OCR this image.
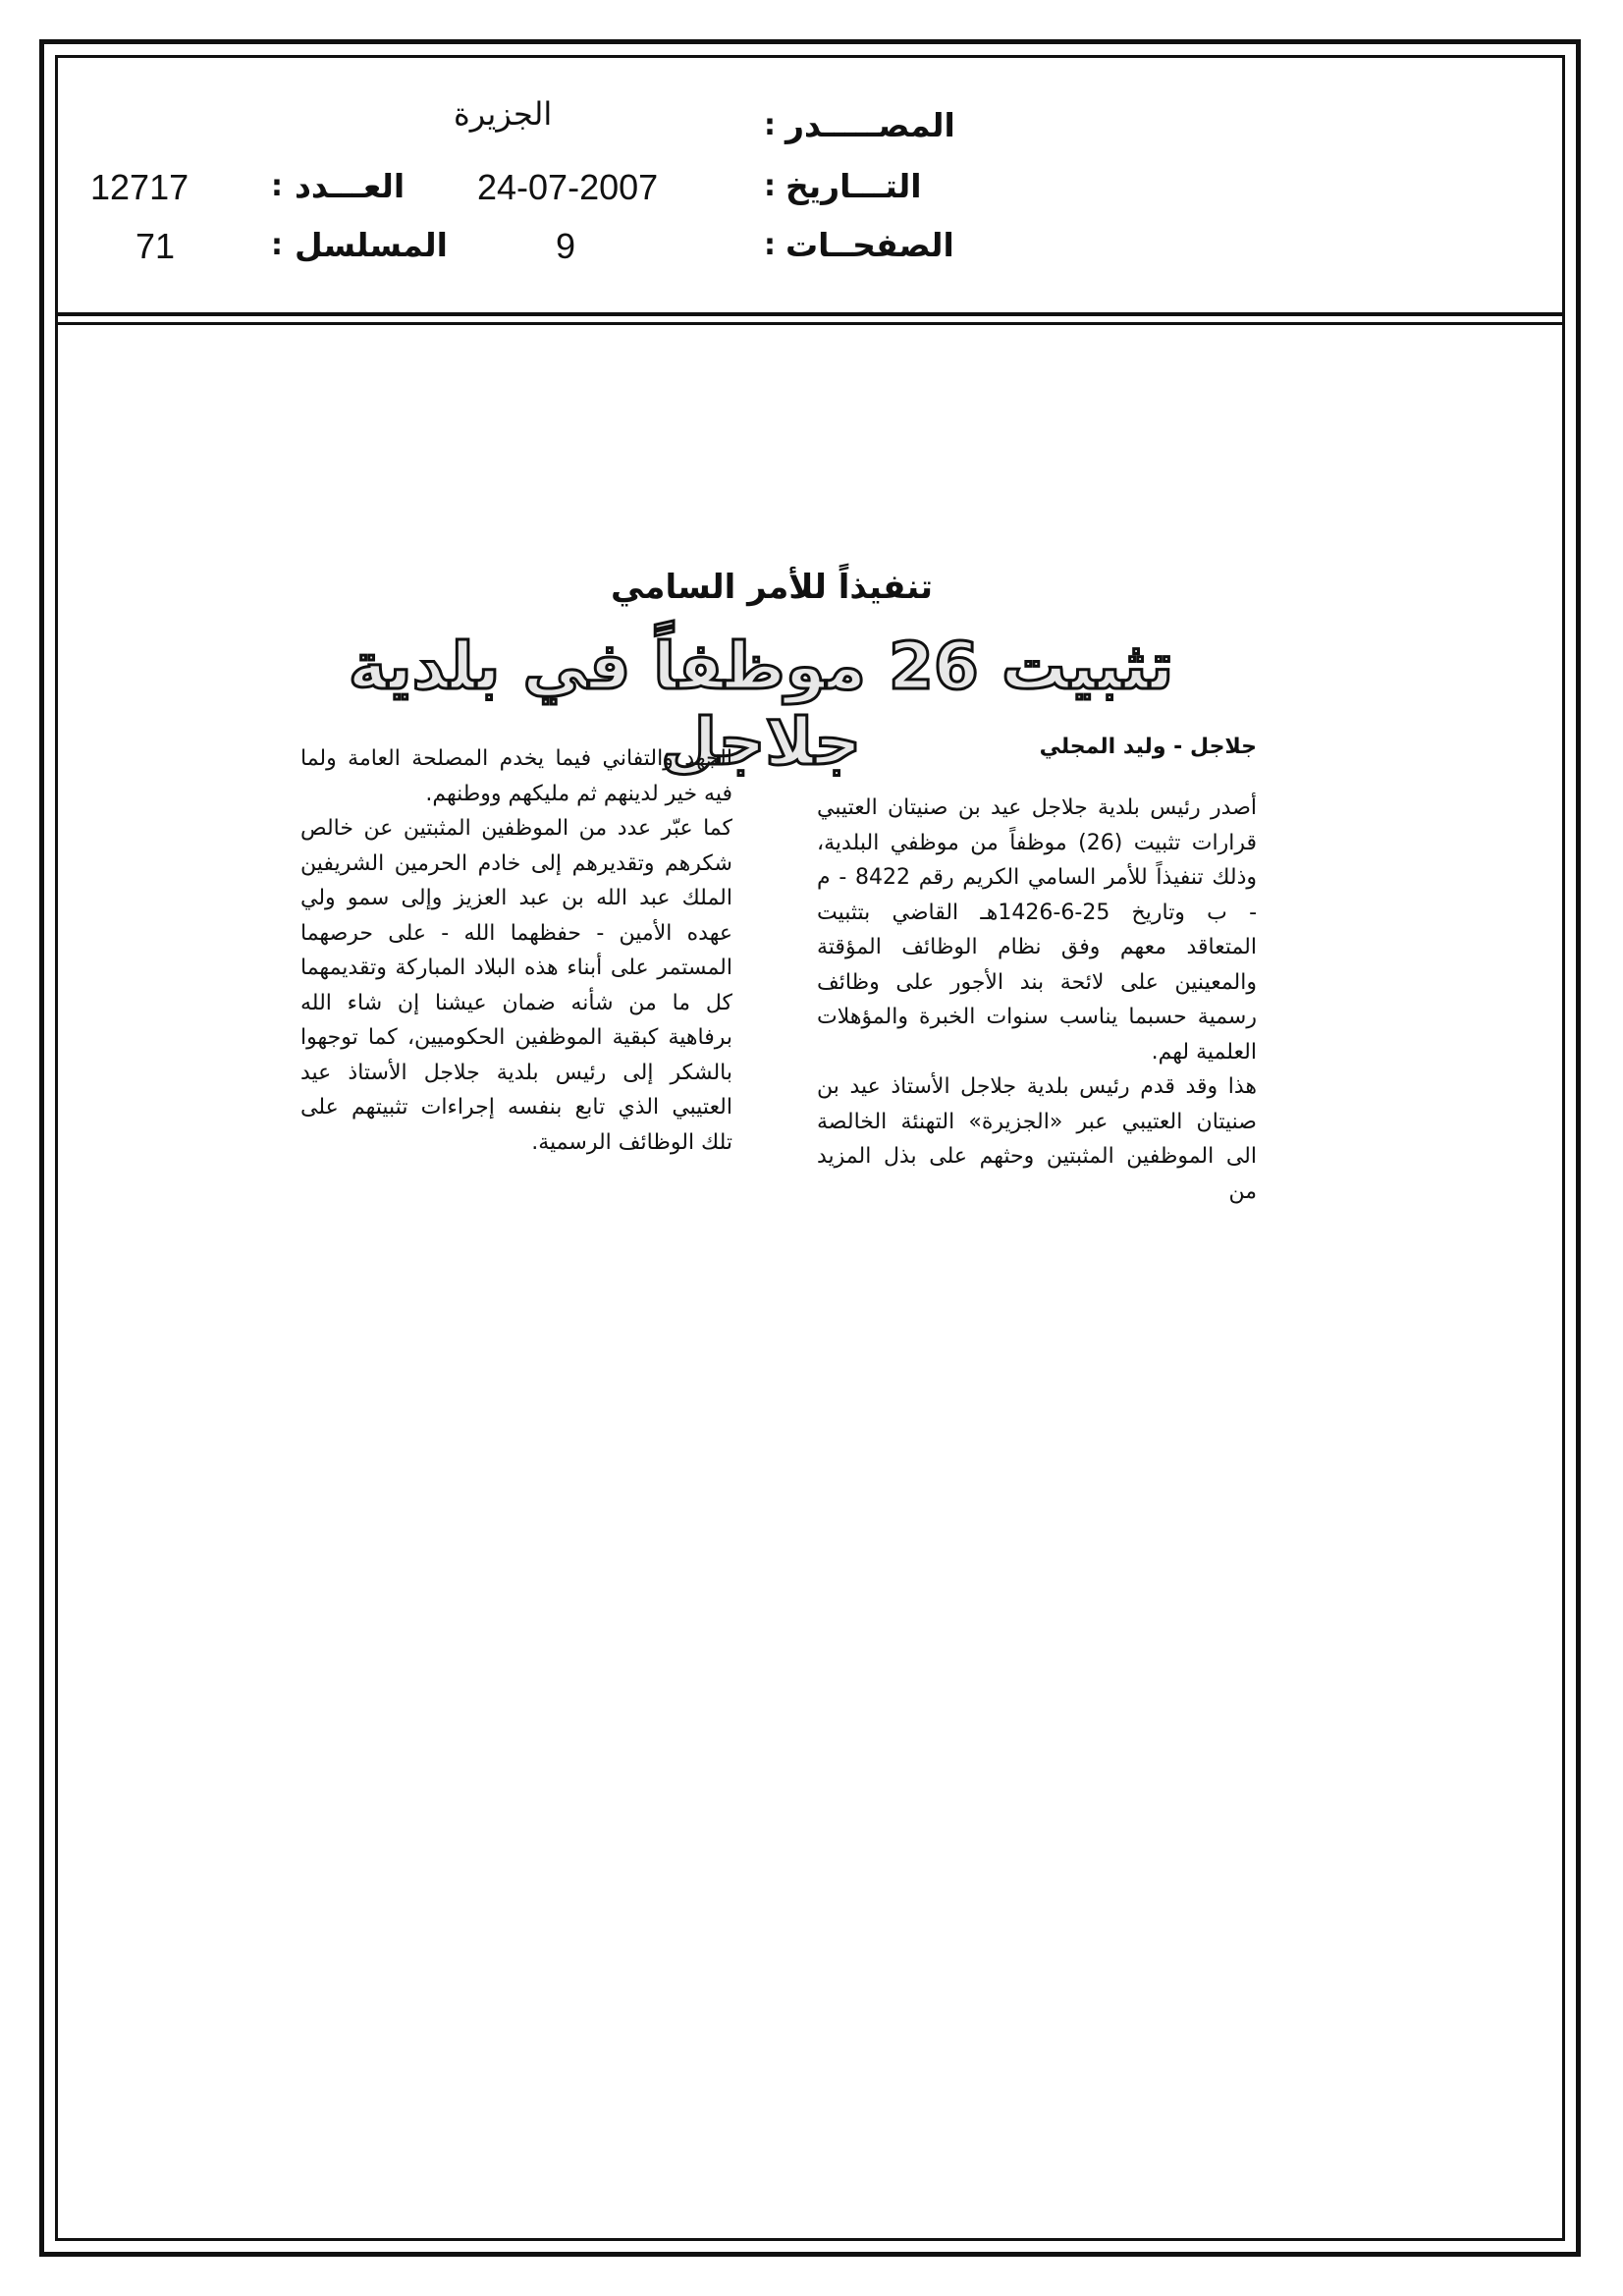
المصـــــدر
:
الجزيرة
التـــاريخ
:
24-07-2007
الصفحــات
:
9
العـــدد
:
12717
المسلسل
:
71
تنفيذاً للأمر السامي
تثبيت 26 موظفاً في بلدية جلاجل	جلاجل - وليد المجلي

أصدر رئيس بلدية جلاجل عيد بن صنيتان العتيبي قرارات تثبيت (26) موظفاً من موظفي البلدية، وذلك تنفيذاً للأمر السامي الكريم رقم 8422 - م - ب وتاريخ 25-6-1426هـ القاضي بتثبيت المتعاقد معهم وفق نظام الوظائف المؤقتة والمعينين على لائحة بند الأجور على وظائف رسمية حسبما يناسب سنوات الخبرة والمؤهلات العلمية لهم.

هذا وقد قدم رئيس بلدية جلاجل الأستاذ عيد بن صنيتان العتيبي عبر «الجزيرة» التهنئة الخالصة الى الموظفين المثبتين وحثهم على بذل المزيد من

الجهد والتفاني فيما يخدم المصلحة العامة ولما فيه خير لدينهم ثم مليكهم ووطنهم.

كما عبّر عدد من الموظفين المثبتين عن خالص شكرهم وتقديرهم إلى خادم الحرمين الشريفين الملك عبد الله بن عبد العزيز وإلى سمو ولي عهده الأمين - حفظهما الله - على حرصهما المستمر على أبناء هذه البلاد المباركة وتقديمهما كل ما من شأنه ضمان عيشنا إن شاء الله برفاهية كبقية الموظفين الحكوميين، كما توجهوا بالشكر إلى رئيس بلدية جلاجل الأستاذ عيد العتيبي الذي تابع بنفسه إجراءات تثبيتهم على تلك الوظائف الرسمية.
